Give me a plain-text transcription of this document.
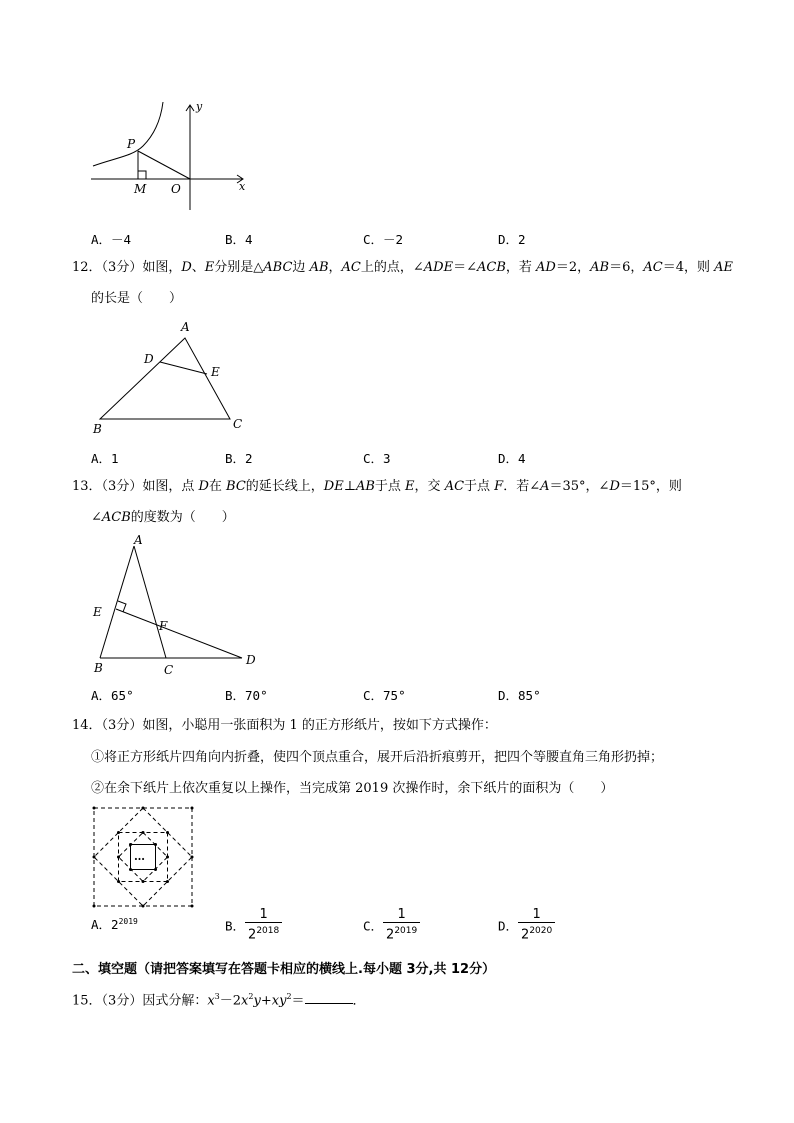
P
M O	x
y
A．－4	B．4	C．－2	D．2
12．（3分）如图，D、E分别是△ABC边 AB，AC上的点，∠ADE＝∠ACB，若 AD＝2，AB＝6，AC＝4，则 AE
的长是（　　）
A
B	C
D
E
A．1	B．2	C．3	D．4
13．（3分）如图，点 D在 BC的延长线上，DE⊥AB于点 E，交 AC于点 F．若∠A＝35°，∠D＝15°，则
∠ACB的度数为（　　）
A
B	C
D
E
F
A．65°	B．70°	C．75°	D．85°
14．（3分）如图，小聪用一张面积为 1 的正方形纸片，按如下方式操作：
①将正方形纸片四角向内折叠，使四个顶点重合，展开后沿折痕剪开，把四个等腰直角三角形扔掉；
②在余下纸片上依次重复以上操作，当完成第 2019 次操作时，余下纸片的面积为（　　）
…
A．$2^{2019}$	B． $\frac{1}{2^{2018}}$	C． $\frac{1}{2^{2019}}$	D． $\frac{1}{2^{2020}}$
二、填空题（请把答案填写在答题卡相应的横线上.每小题 3分,共 12分）
15．（3分）因式分解：$x^3-2x^2y+xy^2=$	．
